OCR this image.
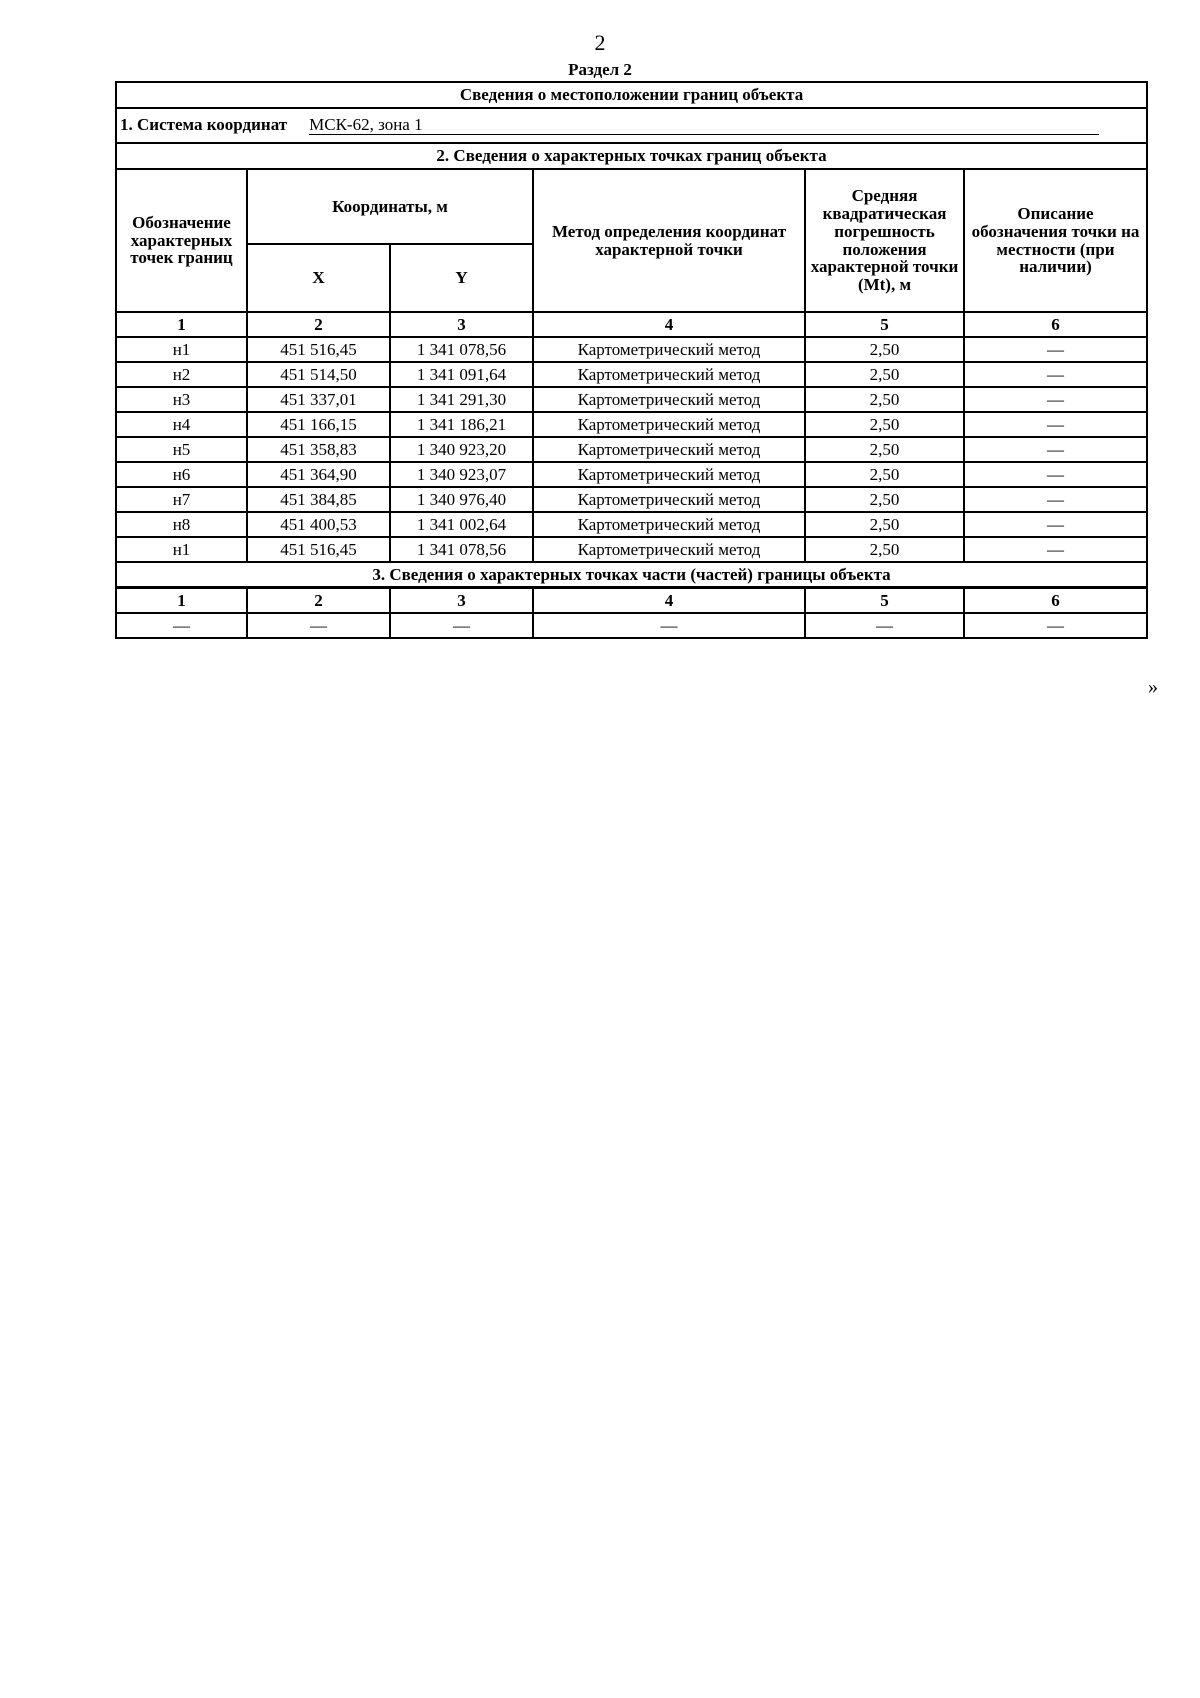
2
Раздел 2
Сведения о местоположении границ объекта					
1. Система координат МСК-62, зона 1					
2. Сведения о характерных точках границ объекта					
Обозначение характерных точек границ	Координаты, м		Метод определения координат характерной точки	Средняя квадратическая погрешность положения характерной точки (Mt), м	Описание обозначения точки на местности (при наличии)
	X	Y			
1	2	3	4	5	6
н1	451 516,45	1 341 078,56	Картометрический метод	2,50	—
н2	451 514,50	1 341 091,64	Картометрический метод	2,50	—
н3	451 337,01	1 341 291,30	Картометрический метод	2,50	—
н4	451 166,15	1 341 186,21	Картометрический метод	2,50	—
н5	451 358,83	1 340 923,20	Картометрический метод	2,50	—
н6	451 364,90	1 340 923,07	Картометрический метод	2,50	—
н7	451 384,85	1 340 976,40	Картометрический метод	2,50	—
н8	451 400,53	1 341 002,64	Картометрический метод	2,50	—
н1	451 516,45	1 341 078,56	Картометрический метод	2,50	—
3. Сведения о характерных точках части (частей) границы объекта					
1	2	3	4	5	6
—	—	—	—	—	—
»
